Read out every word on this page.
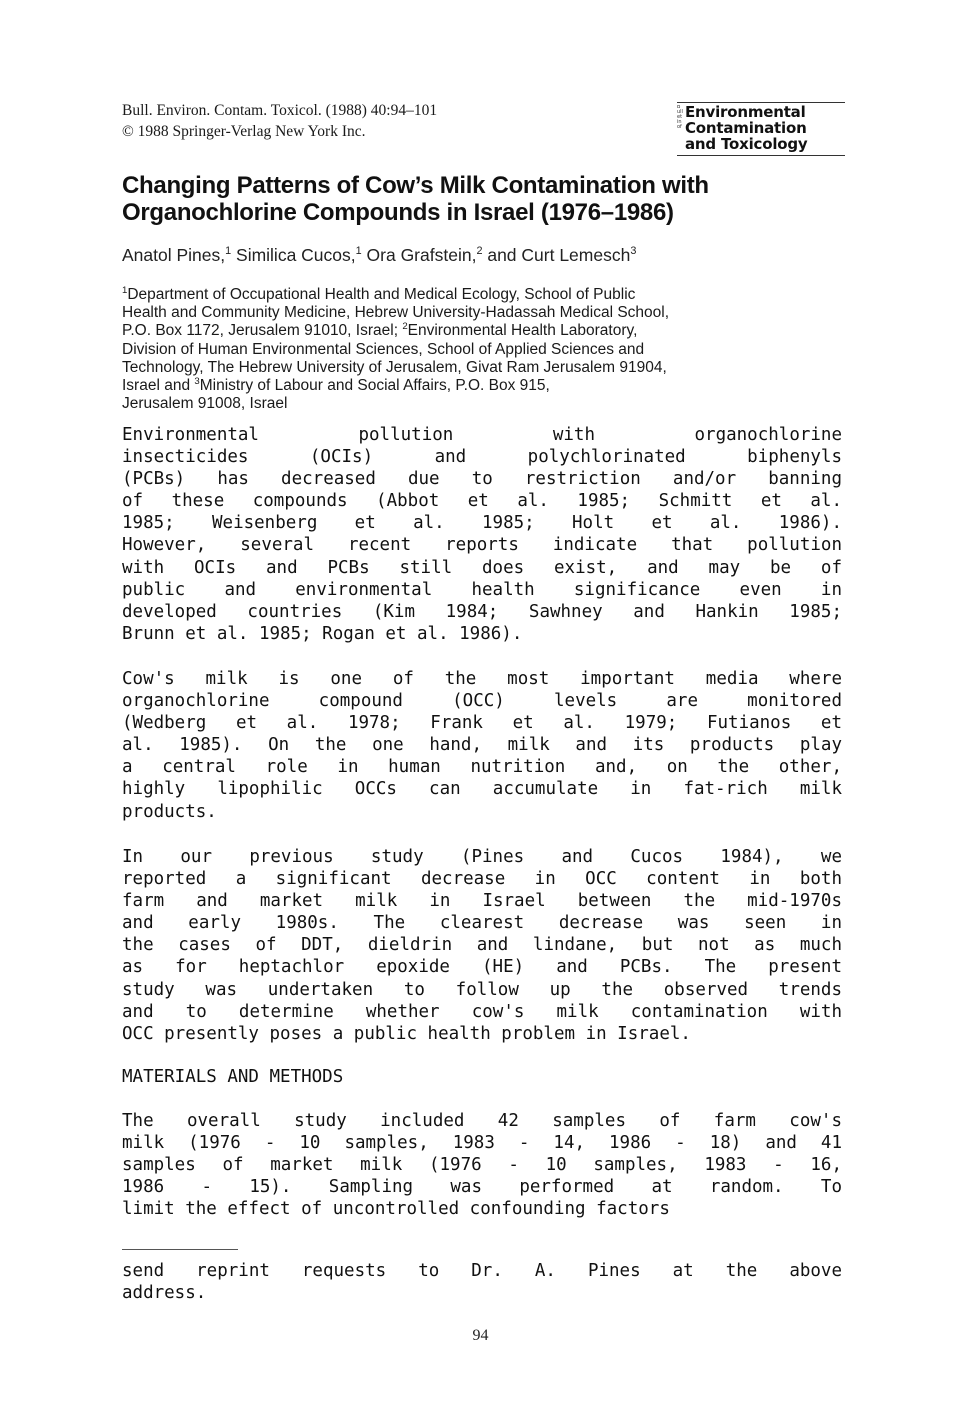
Bull. Environ. Contam. Toxicol. (1988) 40:94–101
© 1988 Springer-Verlag New York Inc.
Bulletin of
Environmental
Contamination
and Toxicology
Changing Patterns of Cow’s Milk Contamination with
Organochlorine Compounds in Israel (1976–1986)
Anatol Pines,$^1$ Similica Cucos,$^1$ Ora Grafstein,$^2$ and Curt Lemesch$^3$
$^1$Department of Occupational Health and Medical Ecology, School of Public
Health and Community Medicine, Hebrew University-Hadassah Medical School,
P.O. Box 1172, Jerusalem 91010, Israel; $^2$Environmental Health Laboratory,
Division of Human Environmental Sciences, School of Applied Sciences and
Technology, The Hebrew University of Jerusalem, Givat Ram Jerusalem 91904,
Israel and $^3$Ministry of Labour and Social Affairs, P.O. Box 915,
Jerusalem 91008, Israel
Environmental pollution with organochlorine
insecticides (OCIs) and polychlorinated biphenyls
(PCBs) has decreased due to restriction and/or banning
of these compounds (Abbot et al. 1985; Schmitt et al.
1985; Weisenberg et al. 1985; Holt et al. 1986).
However, several recent reports indicate that pollution
with OCIs and PCBs still does exist, and may be of
public and environmental health significance even in
developed countries (Kim 1984; Sawhney and Hankin 1985;
Brunn et al. 1985; Rogan et al. 1986).
Cow's milk is one of the most important media where
organochlorine compound (OCC) levels are monitored
(Wedberg et al. 1978; Frank et al. 1979; Futianos et
al. 1985). On the one hand, milk and its products play
a central role in human nutrition and, on the other,
highly lipophilic OCCs can accumulate in fat-rich milk
products.
In our previous study (Pines and Cucos 1984), we
reported a significant decrease in OCC content in both
farm and market milk in Israel between the mid-1970s
and early 1980s. The clearest decrease was seen in
the cases of DDT, dieldrin and lindane, but not as much
as for heptachlor epoxide (HE) and PCBs. The present
study was undertaken to follow up the observed trends
and to determine whether cow's milk contamination with
OCC presently poses a public health problem in Israel.
MATERIALS AND METHODS
The overall study included 42 samples of farm cow's
milk (1976 - 10 samples, 1983 - 14, 1986 - 18) and 41
samples of market milk (1976 - 10 samples, 1983 - 16,
1986 - 15). Sampling was performed at random. To
limit the effect of uncontrolled confounding factors
send reprint requests to Dr. A. Pines at the above
address.
94
